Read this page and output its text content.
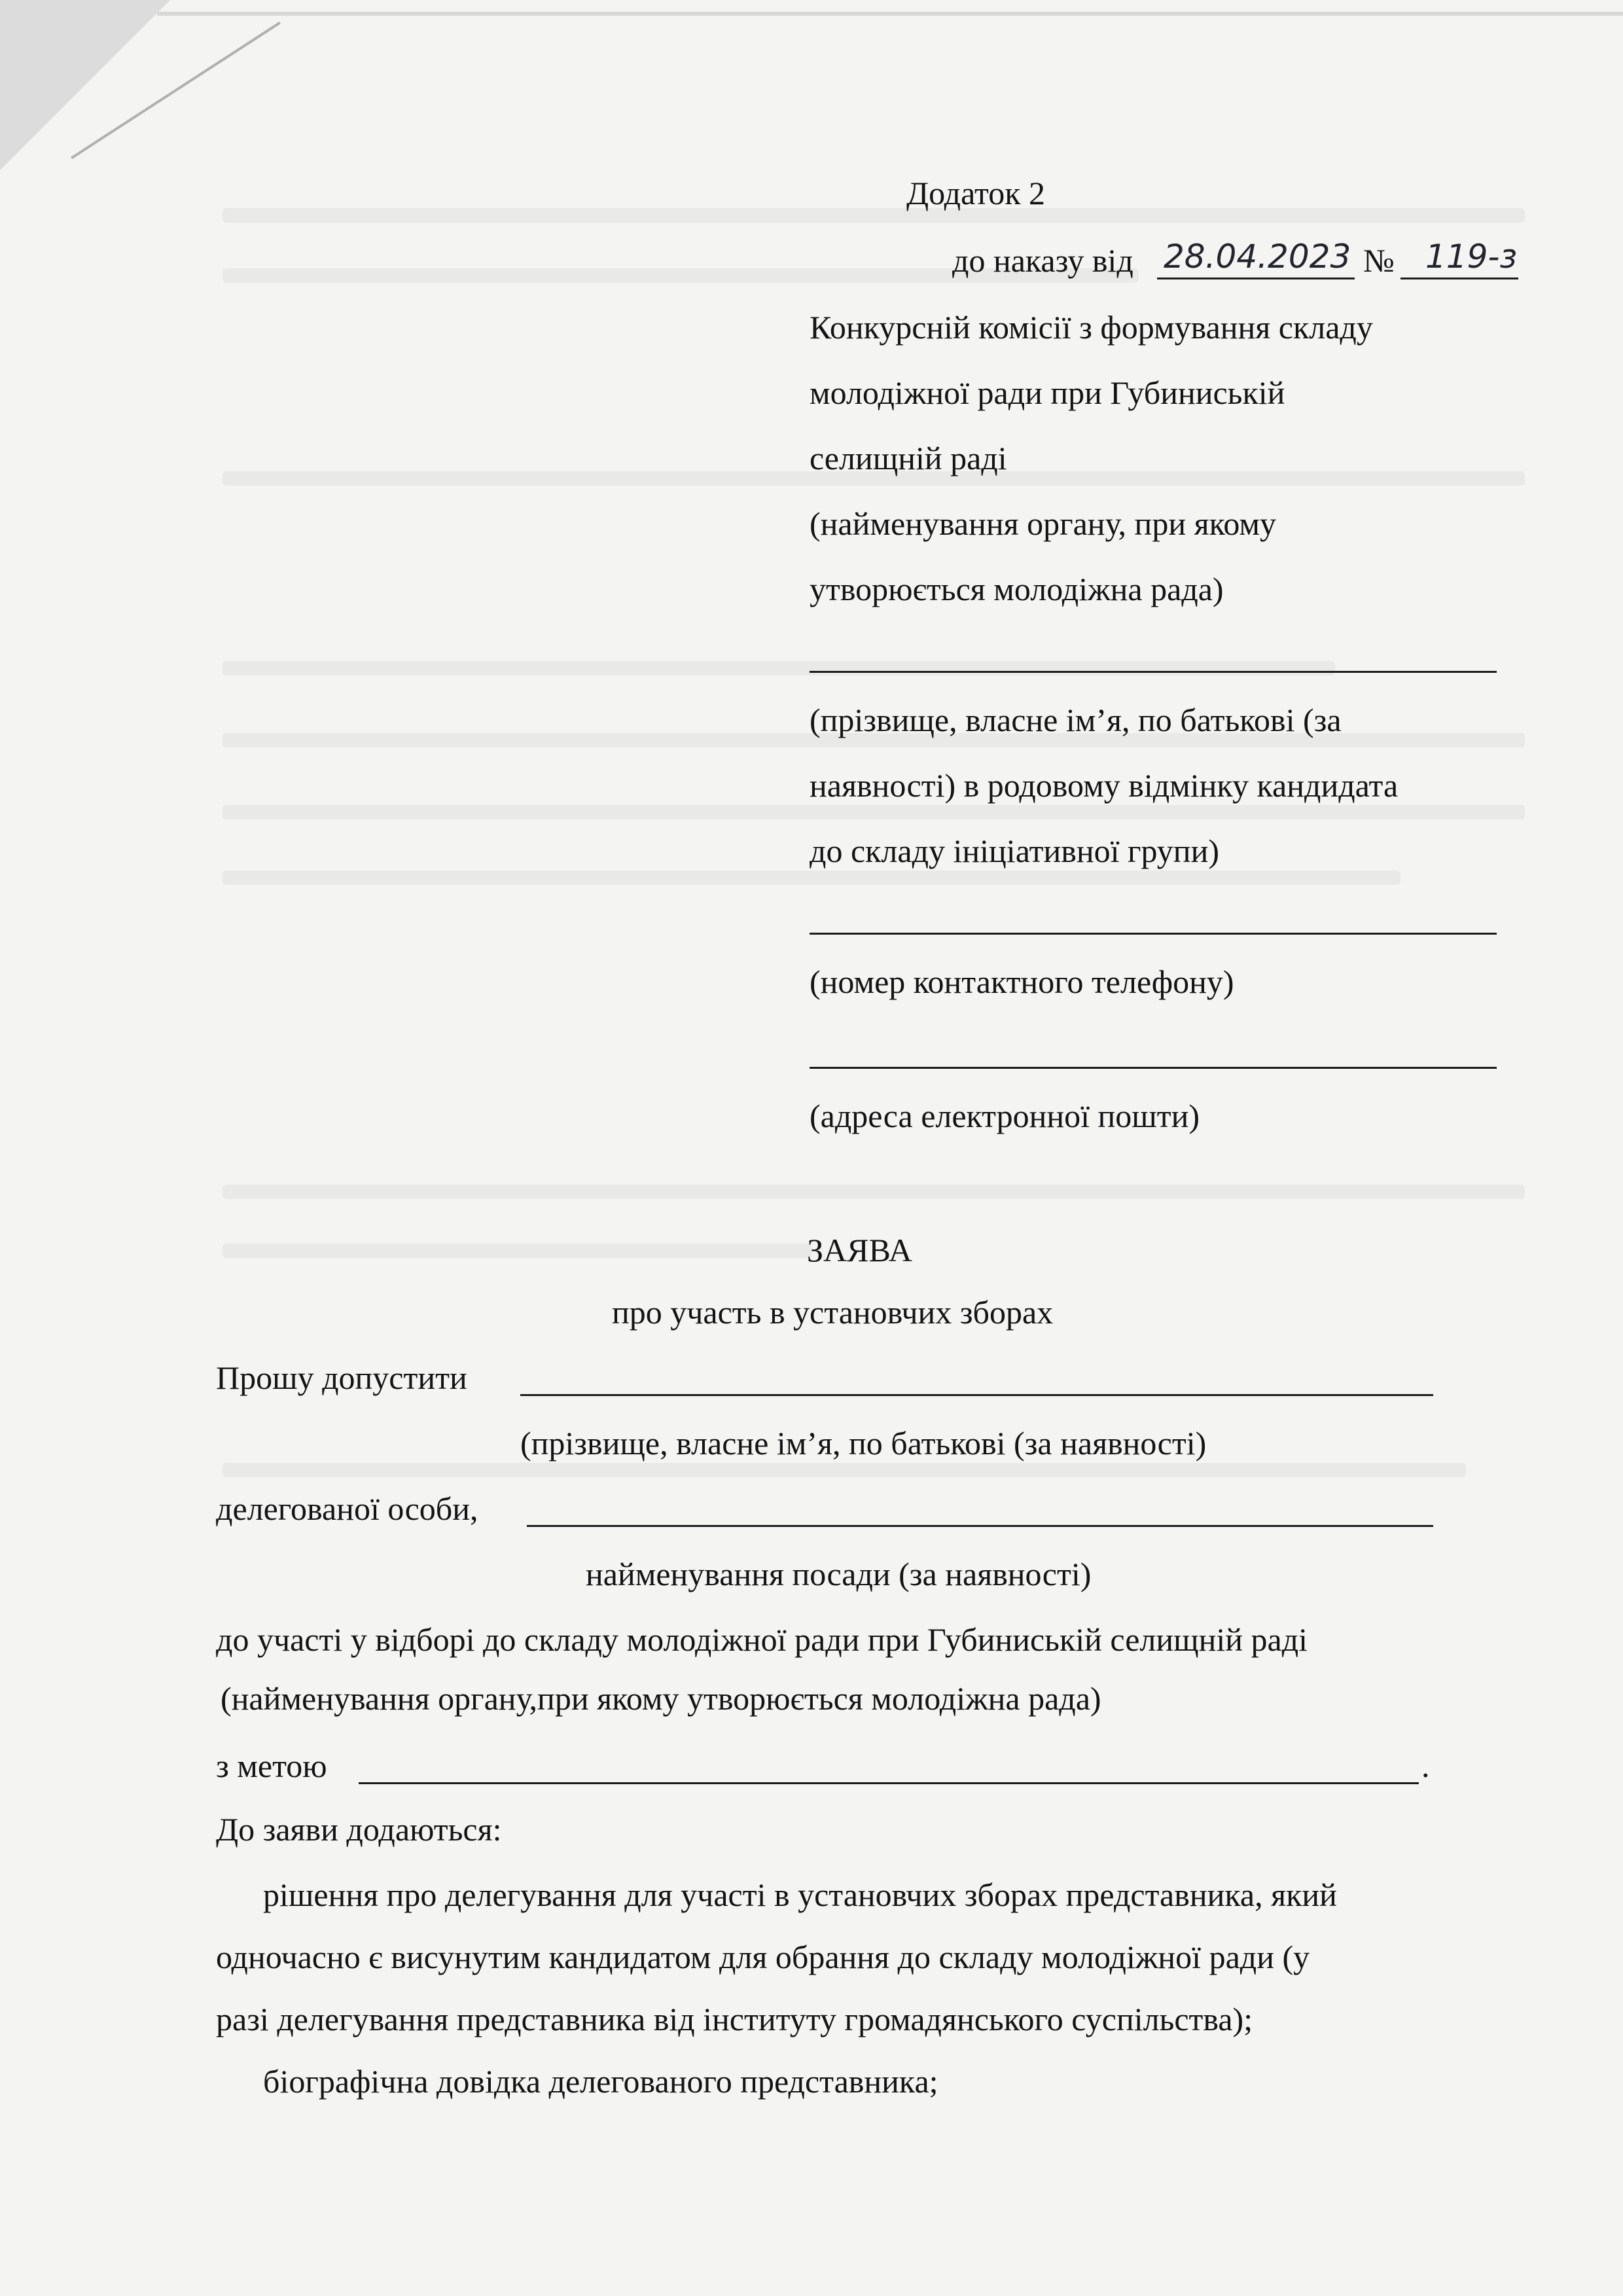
Додаток 2
до наказу від 28.04.2023 № 119-з
Конкурсній комісії з формування складу
молодіжної ради при Губиниській
селищній раді
(найменування органу, при якому
утворюється молодіжна рада)
(прізвище, власне ім’я, по батькові (за
наявності) в родовому відмінку кандидата
до складу ініціативної групи)
(номер контактного телефону)
(адреса електронної пошти)
ЗАЯВА
про участь в установчих зборах
Прошу допустити
(прізвище, власне ім’я, по батькові (за наявності)
делегованої особи,
найменування посади (за наявності)
до участі у відборі до складу молодіжної ради при Губиниській селищній раді
(найменування органу,при якому утворюється молодіжна рада)
з метою	.
До заяви додаються:
рішення про делегування для участі в установчих зборах представника, який
одночасно є висунутим кандидатом для обрання до складу молодіжної ради (у
разі делегування представника від інституту громадянського суспільства);
біографічна довідка делегованого представника;
